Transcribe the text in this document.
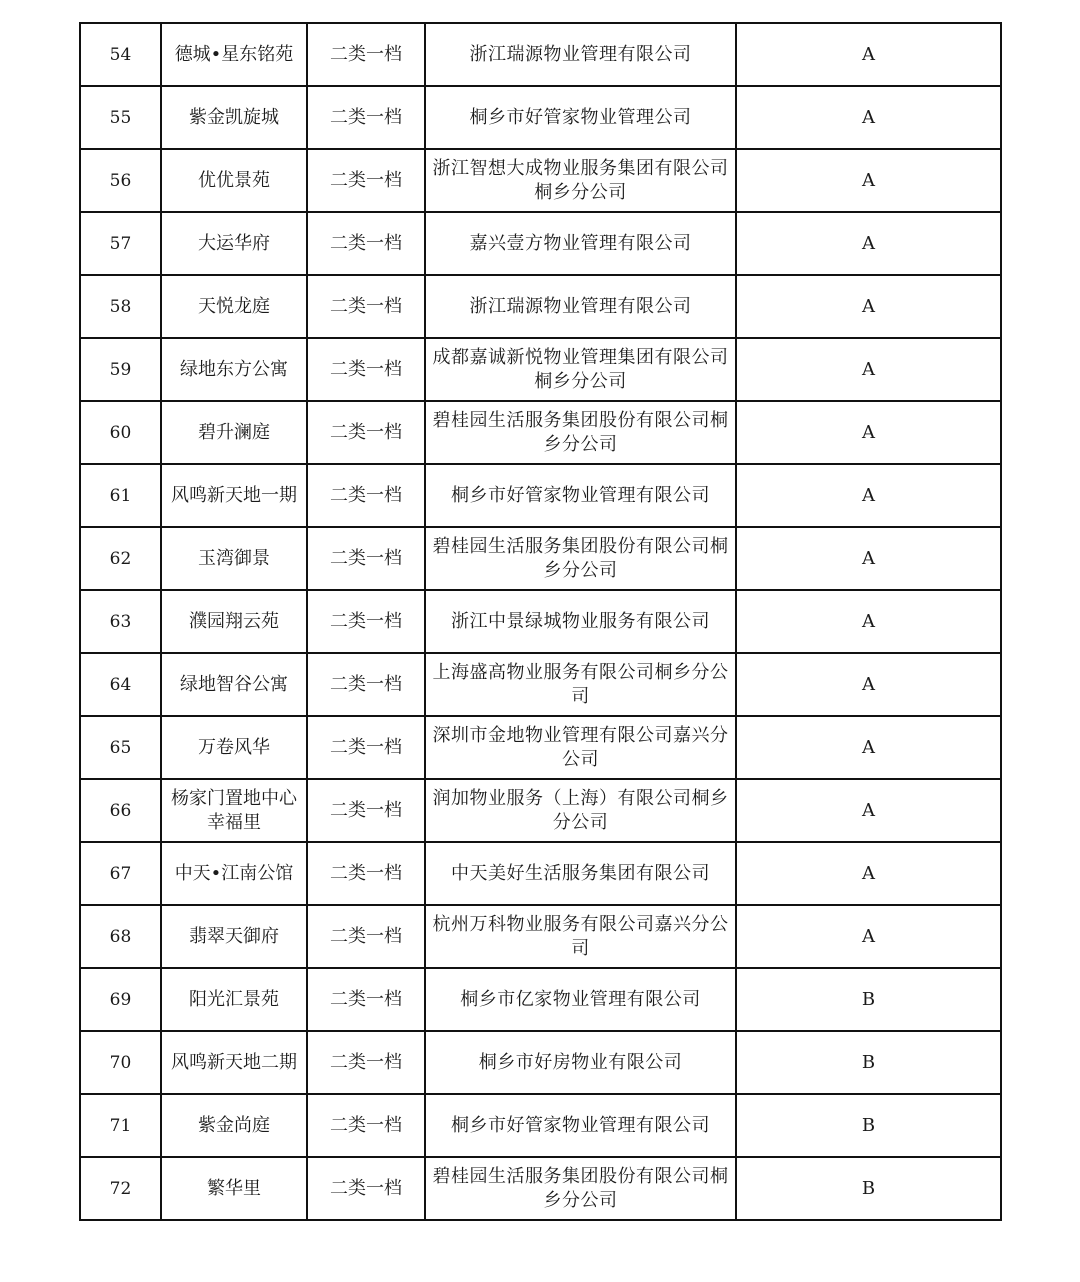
54	德城•星东铭苑	二类一档	浙江瑞源物业管理有限公司	A
55	紫金凯旋城	二类一档	桐乡市好管家物业管理公司	A
56	优优景苑	二类一档	浙江智想大成物业服务集团有限公司桐乡分公司	A
57	大运华府	二类一档	嘉兴壹方物业管理有限公司	A
58	天悦龙庭	二类一档	浙江瑞源物业管理有限公司	A
59	绿地东方公寓	二类一档	成都嘉诚新悦物业管理集团有限公司桐乡分公司	A
60	碧升澜庭	二类一档	碧桂园生活服务集团股份有限公司桐乡分公司	A
61	风鸣新天地一期	二类一档	桐乡市好管家物业管理有限公司	A
62	玉湾御景	二类一档	碧桂园生活服务集团股份有限公司桐乡分公司	A
63	濮园翔云苑	二类一档	浙江中景绿城物业服务有限公司	A
64	绿地智谷公寓	二类一档	上海盛高物业服务有限公司桐乡分公司	A
65	万卷风华	二类一档	深圳市金地物业管理有限公司嘉兴分公司	A
66	杨家门置地中心幸福里	二类一档	润加物业服务（上海）有限公司桐乡分公司	A
67	中天•江南公馆	二类一档	中天美好生活服务集团有限公司	A
68	翡翠天御府	二类一档	杭州万科物业服务有限公司嘉兴分公司	A
69	阳光汇景苑	二类一档	桐乡市亿家物业管理有限公司	B
70	风鸣新天地二期	二类一档	桐乡市好房物业有限公司	B
71	紫金尚庭	二类一档	桐乡市好管家物业管理有限公司	B
72	繁华里	二类一档	碧桂园生活服务集团股份有限公司桐乡分公司	B
